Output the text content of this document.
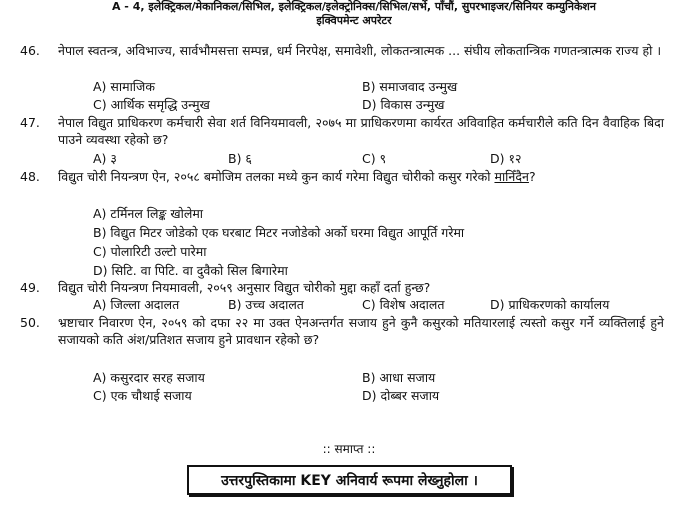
A - 4, इलेक्ट्रिकल/मेकानिकल/सिभिल, इलेक्ट्रिकल/इलेक्ट्रोनिक्स/सिभिल/सर्भे, पाँचौं, सुपरभाइजर/सिनियर कम्युनिकेशन
इक्विपमेन्ट अपरेटर
46. नेपाल स्वतन्त्र, अविभाज्य, सार्वभौमसत्ता सम्पन्न, धर्म निरपेक्ष, समावेशी, लोकतन्त्रात्मक ... संघीय लोकतान्त्रिक गणतन्त्रात्मक राज्य हो ।
A) सामाजिक	B) समाजवाद उन्मुख
C) आर्थिक समृद्धि उन्मुख	D) विकास उन्मुख
47. नेपाल विद्युत प्राधिकरण कर्मचारी सेवा शर्त विनियमावली, २०७५ मा प्राधिकरणमा कार्यरत अविवाहित कर्मचारीले कति दिन वैवाहिक बिदा पाउने व्यवस्था रहेको छ?
A) ३	B) ६	C) ९	D) १२
48. विद्युत चोरी नियन्त्रण ऐन, २०५८ बमोजिम तलका मध्ये कुन कार्य गरेमा विद्युत चोरीको कसुर गरेको मानिँदैन?
A) टर्मिनल लिङ्क खोलेमा
B) विद्युत मिटर जोडेको एक घरबाट मिटर नजोडेको अर्को घरमा विद्युत आपूर्ति गरेमा
C) पोलारिटी उल्टो पारेमा
D) सिटि. वा पिटि. वा दुवैको सिल बिगारेमा
49. विद्युत चोरी नियन्त्रण नियमावली, २०५९ अनुसार विद्युत चोरीको मुद्दा कहाँ दर्ता हुन्छ?
A) जिल्ला अदालत	B) उच्च अदालत	C) विशेष अदालत	D) प्राधिकरणको कार्यालय
50. भ्रष्टाचार निवारण ऐन, २०५९ को दफा २२ मा उक्त ऐनअन्तर्गत सजाय हुने कुनै कसुरको मतियारलाई त्यस्तो कसुर गर्ने व्यक्तिलाई हुने सजायको कति अंश/प्रतिशत सजाय हुने प्रावधान रहेको छ?
A) कसुरदार सरह सजाय	B) आधा सजाय
C) एक चौथाई सजाय	D) दोब्बर सजाय
:: समाप्त ::
उत्तरपुस्तिकामा KEY अनिवार्य रूपमा लेख्नुहोला ।
